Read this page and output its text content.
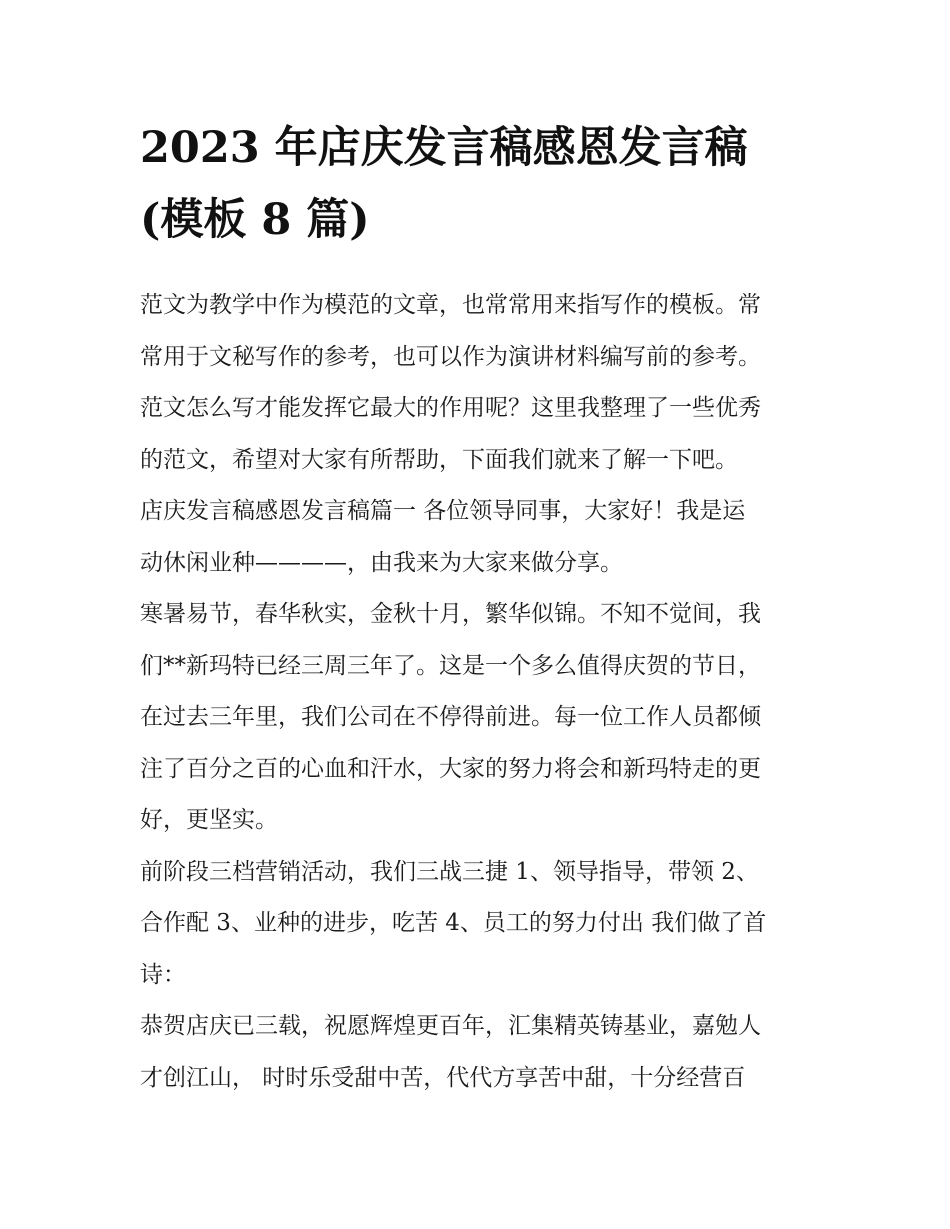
2023 年店庆发言稿感恩发言稿
(模板 8 篇)
范文为教学中作为模范的文章，也常常用来指写作的模板。常
常用于文秘写作的参考，也可以作为演讲材料编写前的参考。
范文怎么写才能发挥它最大的作用呢？这里我整理了一些优秀
的范文，希望对大家有所帮助，下面我们就来了解一下吧。
店庆发言稿感恩发言稿篇一 各位领导同事，大家好！我是运
动休闲业种————，由我来为大家来做分享。
寒暑易节，春华秋实，金秋十月，繁华似锦。不知不觉间，我
们**新玛特已经三周三年了。这是一个多么值得庆贺的节日，
在过去三年里，我们公司在不停得前进。每一位工作人员都倾
注了百分之百的心血和汗水，大家的努力将会和新玛特走的更
好，更坚实。
前阶段三档营销活动，我们三战三捷 1、领导指导，带领 2、
合作配 3、业种的进步，吃苦 4、员工的努力付出 我们做了首
诗：
恭贺店庆已三载，祝愿辉煌更百年，汇集精英铸基业，嘉勉人
才创江山， 时时乐受甜中苦，代代方享苦中甜，十分经营百
